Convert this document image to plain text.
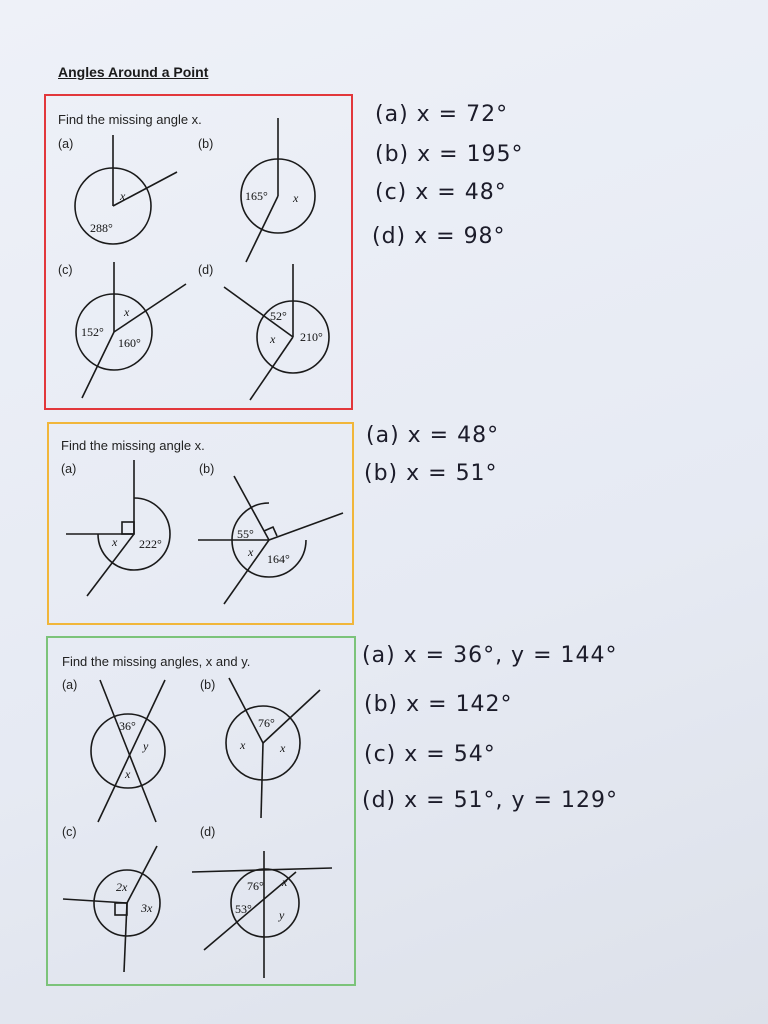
Angles Around a Point
Find the missing angle x.
(a)	(b)
(c)	(d)
Find the missing angle x.
(a)	(b)
Find the missing angles, x and y.
(a)	(b)
(c)	(d)
x
288°
165° x
x
152°
160°
52°
x 210°
x 222°
55°
x 164°
36°
y
x
76°
x	x
2x
3x
76° x
53° y
(a) x = 72°
(b) x = 195°
(c) x = 48°
(d) x = 98°
(a) x = 48°
(b) x = 51°
(a) x = 36°, y = 144°
(b) x = 142°
(c) x = 54°
(d) x = 51°, y = 129°
